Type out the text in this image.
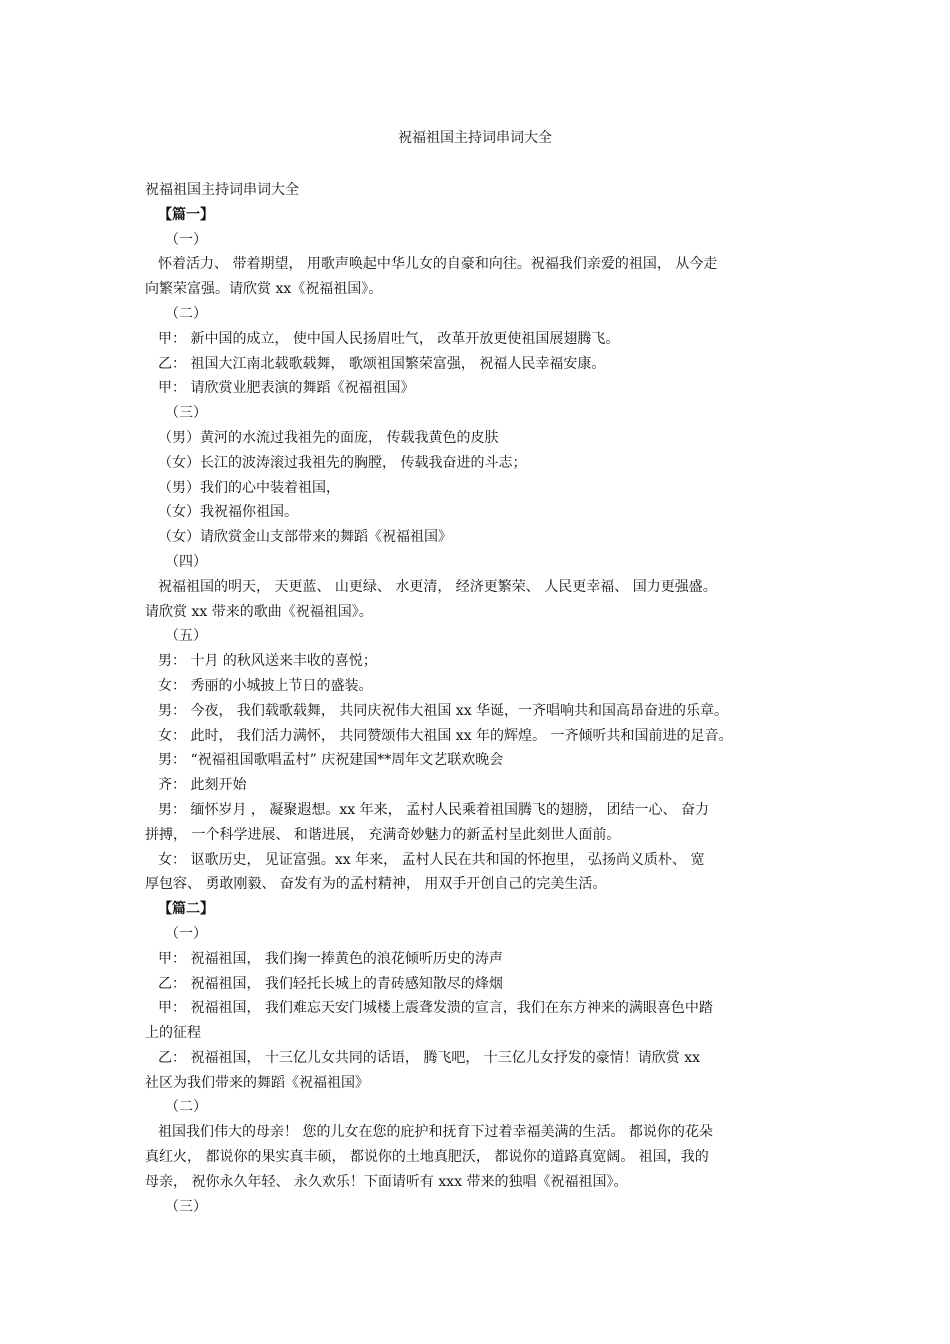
祝福祖国主持词串词大全

祝福祖国主持词串词大全

【篇一】

（一）

怀着活力、 带着期望， 用歌声唤起中华儿女的自豪和向往。祝福我们亲爱的祖国， 从今走

向繁荣富强。请欣赏 xx《祝福祖国》。

（二）

甲： 新中国的成立， 使中国人民扬眉吐气， 改革开放更使祖国展翅腾飞。

乙： 祖国大江南北载歌载舞， 歌颂祖国繁荣富强， 祝福人民幸福安康。

甲： 请欣赏业肥表演的舞蹈《祝福祖国》

（三）

（男）黄河的水流过我祖先的面庞， 传载我黄色的皮肤

（女）长江的波涛滚过我祖先的胸膛， 传载我奋进的斗志；

（男）我们的心中装着祖国，

（女）我祝福你祖国。

（女）请欣赏金山支部带来的舞蹈《祝福祖国》

（四）

祝福祖国的明天， 天更蓝、 山更绿、 水更清， 经济更繁荣、 人民更幸福、 国力更强盛。

请欣赏 xx 带来的歌曲《祝福祖国》。

（五）

男： 十月 的秋风送来丰收的喜悦；

女： 秀丽的小城披上节日的盛装。

男： 今夜， 我们载歌载舞， 共同庆祝伟大祖国 xx 华诞，一齐唱响共和国高昂奋进的乐章。

女： 此时， 我们活力满怀， 共同赞颂伟大祖国 xx 年的辉煌。 一齐倾听共和国前进的足音。

男： “祝福祖国歌唱孟村” 庆祝建国**周年文艺联欢晚会

齐： 此刻开始

男： 缅怀岁月 ， 凝聚遐想。xx 年来， 孟村人民乘着祖国腾飞的翅膀， 团结一心、 奋力

拼搏， 一个科学进展、 和谐进展， 充满奇妙魅力的新孟村呈此刻世人面前。

女： 讴歌历史， 见证富强。xx 年来， 孟村人民在共和国的怀抱里， 弘扬尚义质朴、 宽

厚包容、 勇敢刚毅、 奋发有为的孟村精神， 用双手开创自己的完美生活。

【篇二】

（一）

甲： 祝福祖国， 我们掬一捧黄色的浪花倾听历史的涛声

乙： 祝福祖国， 我们轻托长城上的青砖感知散尽的烽烟

甲： 祝福祖国， 我们难忘天安门城楼上震聋发溃的宣言，我们在东方神来的满眼喜色中踏

上的征程

乙： 祝福祖国， 十三亿儿女共同的话语， 腾飞吧， 十三亿儿女抒发的豪情！请欣赏 xx

社区为我们带来的舞蹈《祝福祖国》

（二）

祖国我们伟大的母亲！ 您的儿女在您的庇护和抚育下过着幸福美满的生活。 都说你的花朵

真红火， 都说你的果实真丰硕， 都说你的土地真肥沃， 都说你的道路真宽阔。 祖国，我的

母亲， 祝你永久年轻、 永久欢乐！下面请听有 xxx 带来的独唱《祝福祖国》。

（三）
